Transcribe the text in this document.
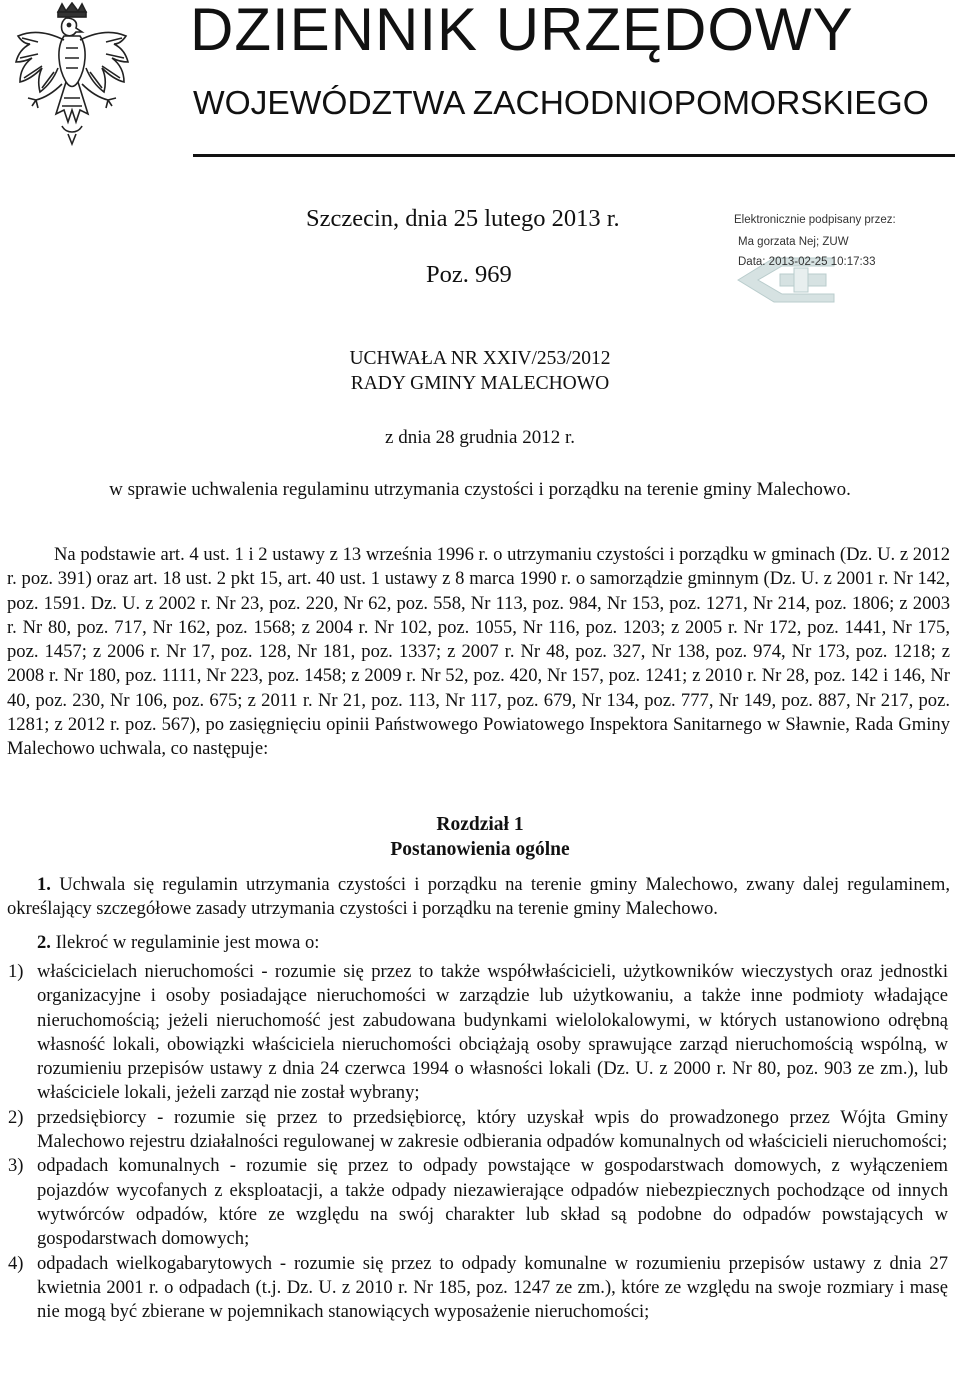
DZIENNIK URZĘDOWY
WOJEWÓDZTWA ZACHODNIOPOMORSKIEGO
Szczecin, dnia 25 lutego 2013 r.
Poz. 969
Elektronicznie podpisany przez:
Ma gorzata Nej; ZUW
Data: 2013-02-25 10:17:33
UCHWAŁA NR XXIV/253/2012
RADY GMINY MALECHOWO
z dnia 28 grudnia 2012 r.
w sprawie uchwalenia regulaminu utrzymania czystości i porządku na terenie gminy Malechowo.
Na podstawie art. 4 ust. 1 i 2 ustawy z 13 września 1996 r. o utrzymaniu czystości i porządku w gminach (Dz. U. z 2012 r. poz. 391) oraz art. 18 ust. 2 pkt 15, art. 40 ust. 1 ustawy z 8 marca 1990 r. o samorządzie gminnym (Dz. U. z 2001 r. Nr 142, poz. 1591. Dz. U. z 2002 r. Nr 23, poz. 220, Nr 62, poz. 558, Nr 113, poz. 984, Nr 153, poz. 1271, Nr 214, poz. 1806; z 2003 r. Nr 80, poz. 717, Nr 162, poz. 1568; z 2004 r. Nr 102, poz. 1055, Nr 116, poz. 1203; z 2005 r. Nr 172, poz. 1441, Nr 175, poz. 1457; z 2006 r. Nr 17, poz. 128, Nr 181, poz. 1337; z 2007 r. Nr 48, poz. 327, Nr 138, poz. 974, Nr 173, poz. 1218; z 2008 r. Nr 180, poz. 1111, Nr 223, poz. 1458; z 2009 r. Nr 52, poz. 420, Nr 157, poz. 1241; z 2010 r. Nr 28, poz. 142 i 146, Nr 40, poz. 230, Nr 106, poz. 675; z 2011 r. Nr 21, poz. 113, Nr 117, poz. 679, Nr 134, poz. 777, Nr 149, poz. 887, Nr 217, poz. 1281; z 2012 r. poz. 567), po zasięgnięciu opinii Państwowego Powiatowego Inspektora Sanitarnego w Sławnie, Rada Gminy Malechowo uchwala, co następuje:
Rozdział 1
Postanowienia ogólne
1. Uchwala się regulamin utrzymania czystości i porządku na terenie gminy Malechowo, zwany dalej regulaminem, określający szczegółowe zasady utrzymania czystości i porządku na terenie gminy Malechowo.
2. Ilekroć w regulaminie jest mowa o:
1) właścicielach nieruchomości - rozumie się przez to także współwłaścicieli, użytkowników wieczystych oraz jednostki organizacyjne i osoby posiadające nieruchomości w zarządzie lub użytkowaniu, a także inne podmioty władające nieruchomością; jeżeli nieruchomość jest zabudowana budynkami wielolokalowymi, w których ustanowiono odrębną własność lokali, obowiązki właściciela nieruchomości obciążają osoby sprawujące zarząd nieruchomością wspólną, w rozumieniu przepisów ustawy z dnia 24 czerwca 1994 o własności lokali (Dz. U. z 2000 r. Nr 80, poz. 903 ze zm.), lub właściciele lokali, jeżeli zarząd nie został wybrany;
2) przedsiębiorcy - rozumie się przez to przedsiębiorcę, który uzyskał wpis do prowadzonego przez Wójta Gminy Malechowo rejestru działalności regulowanej w zakresie odbierania odpadów komunalnych od właścicieli nieruchomości;
3) odpadach komunalnych - rozumie się przez to odpady powstające w gospodarstwach domowych, z wyłączeniem pojazdów wycofanych z eksploatacji, a także odpady niezawierające odpadów niebezpiecznych pochodzące od innych wytwórców odpadów, które ze względu na swój charakter lub skład są podobne do odpadów powstających w gospodarstwach domowych;
4) odpadach wielkogabarytowych - rozumie się przez to odpady komunalne w rozumieniu przepisów ustawy z dnia 27 kwietnia 2001 r. o odpadach (t.j. Dz. U. z 2010 r. Nr 185, poz. 1247 ze zm.), które ze względu na swoje rozmiary i masę nie mogą być zbierane w pojemnikach stanowiących wyposażenie nieruchomości;
